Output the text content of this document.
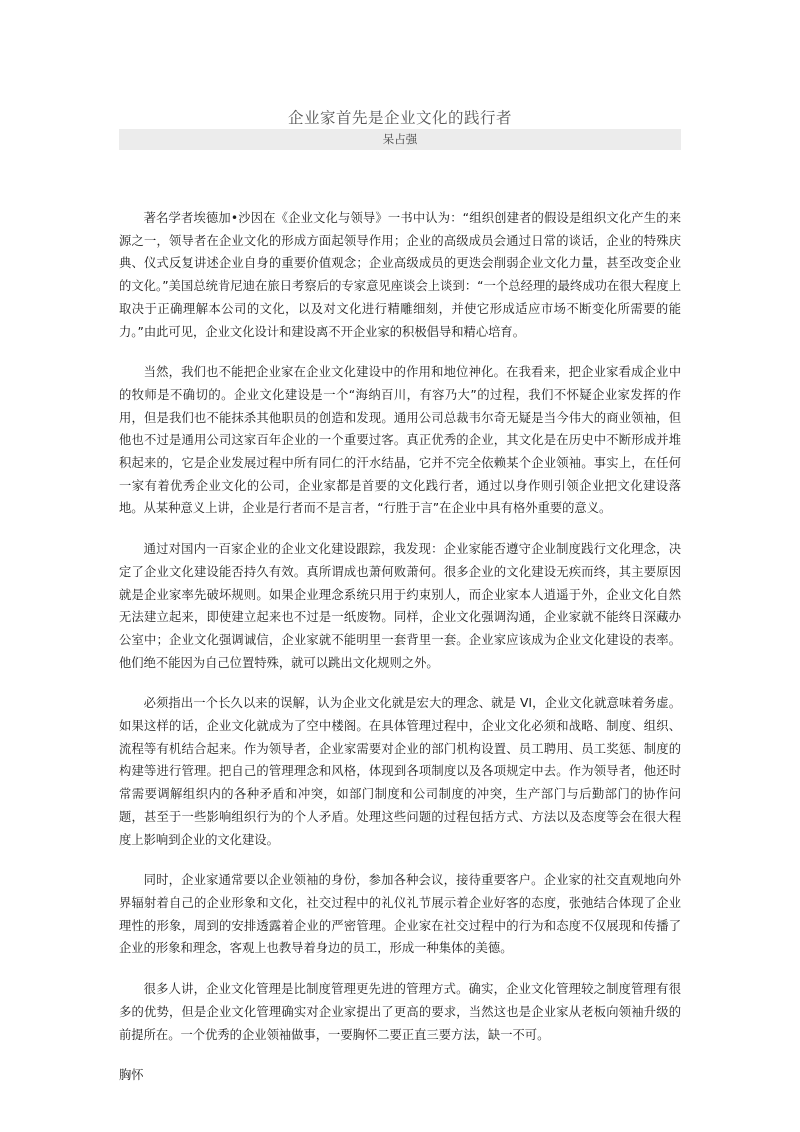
企业家首先是企业文化的践行者
呆占强

著名学者埃德加•沙因在《企业文化与领导》一书中认为：“组织创建者的假设是组织文化产生的来源之一，领导者在企业文化的形成方面起领导作用；企业的高级成员会通过日常的谈话，企业的特殊庆典、仪式反复讲述企业自身的重要价值观念；企业高级成员的更迭会削弱企业文化力量，甚至改变企业的文化。”美国总统肯尼迪在旅日考察后的专家意见座谈会上谈到：“一个总经理的最终成功在很大程度上取决于正确理解本公司的文化，以及对文化进行精雕细刻，并使它形成适应市场不断变化所需要的能力。”由此可见，企业文化设计和建设离不开企业家的积极倡导和精心培育。

当然，我们也不能把企业家在企业文化建设中的作用和地位神化。在我看来，把企业家看成企业中的牧师是不确切的。企业文化建设是一个“海纳百川，有容乃大”的过程，我们不怀疑企业家发挥的作用，但是我们也不能抹杀其他职员的创造和发现。通用公司总裁韦尔奇无疑是当今伟大的商业领袖，但他也不过是通用公司这家百年企业的一个重要过客。真正优秀的企业，其文化是在历史中不断形成并堆积起来的，它是企业发展过程中所有同仁的汗水结晶，它并不完全依赖某个企业领袖。事实上，在任何一家有着优秀企业文化的公司，企业家都是首要的文化践行者，通过以身作则引领企业把文化建设落地。从某种意义上讲，企业是行者而不是言者，“行胜于言”在企业中具有格外重要的意义。

通过对国内一百家企业的企业文化建设跟踪，我发现：企业家能否遵守企业制度践行文化理念，决定了企业文化建设能否持久有效。真所谓成也萧何败萧何。很多企业的文化建设无疾而终，其主要原因就是企业家率先破坏规则。如果企业理念系统只用于约束别人，而企业家本人逍遥于外，企业文化自然无法建立起来，即使建立起来也不过是一纸废物。同样，企业文化强调沟通，企业家就不能终日深藏办公室中；企业文化强调诚信，企业家就不能明里一套背里一套。企业家应该成为企业文化建设的表率。他们绝不能因为自己位置特殊，就可以跳出文化规则之外。

必须指出一个长久以来的误解，认为企业文化就是宏大的理念、就是 VI，企业文化就意味着务虚。如果这样的话，企业文化就成为了空中楼阁。在具体管理过程中，企业文化必须和战略、制度、组织、流程等有机结合起来。作为领导者，企业家需要对企业的部门机构设置、员工聘用、员工奖惩、制度的构建等进行管理。把自己的管理理念和风格，体现到各项制度以及各项规定中去。作为领导者，他还时常需要调解组织内的各种矛盾和冲突，如部门制度和公司制度的冲突，生产部门与后勤部门的协作问题，甚至于一些影响组织行为的个人矛盾。处理这些问题的过程包括方式、方法以及态度等会在很大程度上影响到企业的文化建设。

同时，企业家通常要以企业领袖的身份，参加各种会议，接待重要客户。企业家的社交直观地向外界辐射着自己的企业形象和文化，社交过程中的礼仪礼节展示着企业好客的态度，张弛结合体现了企业理性的形象，周到的安排透露着企业的严密管理。企业家在社交过程中的行为和态度不仅展现和传播了企业的形象和理念，客观上也教导着身边的员工，形成一种集体的美德。

很多人讲，企业文化管理是比制度管理更先进的管理方式。确实，企业文化管理较之制度管理有很多的优势，但是企业文化管理确实对企业家提出了更高的要求，当然这也是企业家从老板向领袖升级的前提所在。一个优秀的企业领袖做事，一要胸怀二要正直三要方法，缺一不可。

胸怀
